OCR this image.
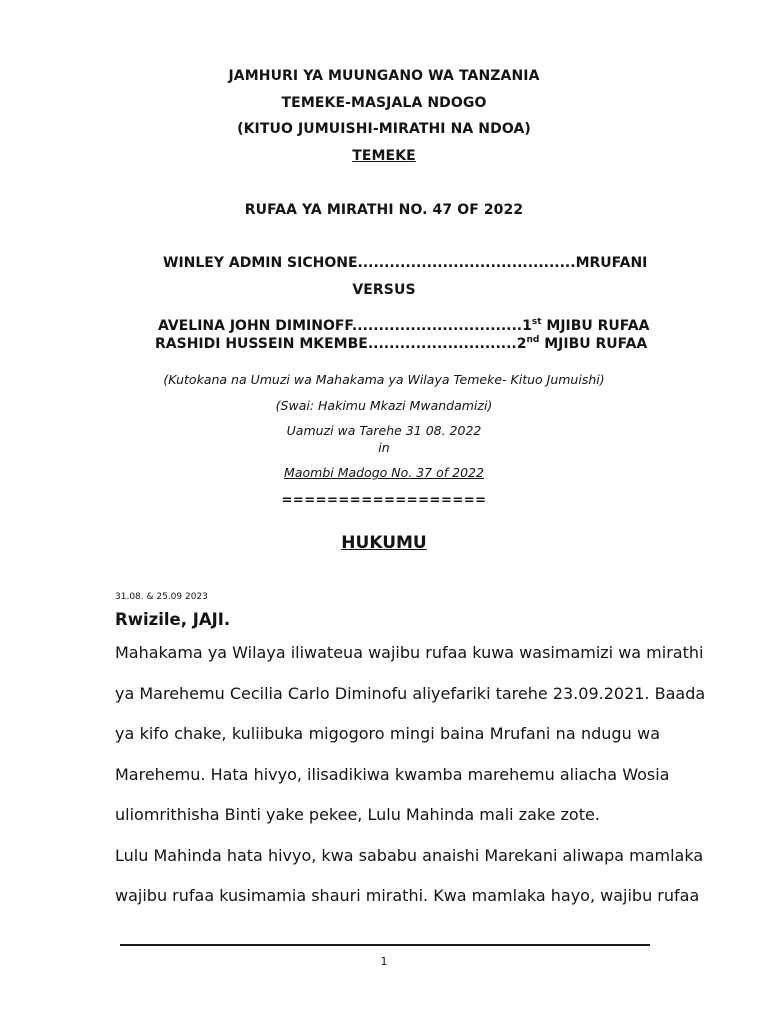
JAMHURI YA MUUNGANO WA TANZANIA
TEMEKE-MASJALA NDOGO
(KITUO JUMUISHI-MIRATHI NA NDOA)
TEMEKE
RUFAA YA MIRATHI NO. 47 OF 2022
WINLEY ADMIN SICHONE.........................................MRUFANI
VERSUS
AVELINA JOHN DIMINOFF................................1st MJIBU RUFAA
RASHIDI HUSSEIN MKEMBE............................2nd MJIBU RUFAA
(Kutokana na Umuzi wa Mahakama ya Wilaya Temeke- Kituo Jumuishi)
(Swai: Hakimu Mkazi Mwandamizi)
Uamuzi wa Tarehe 31 08. 2022
in
Maombi Madogo No. 37 of 2022
==================
HUKUMU
31.08. & 25.09 2023
Rwizile, JAJI.
Mahakama ya Wilaya iliwateua wajibu rufaa kuwa wasimamizi wa mirathi
ya Marehemu Cecilia Carlo Diminofu aliyefariki tarehe 23.09.2021. Baada
ya kifo chake, kuliibuka migogoro mingi baina Mrufani na ndugu wa
Marehemu. Hata hivyo, ilisadikiwa kwamba marehemu aliacha Wosia
uliomrithisha Binti yake pekee, Lulu Mahinda mali zake zote.
Lulu Mahinda hata hivyo, kwa sababu anaishi Marekani aliwapa mamlaka
wajibu rufaa kusimamia shauri mirathi. Kwa mamlaka hayo, wajibu rufaa
1
